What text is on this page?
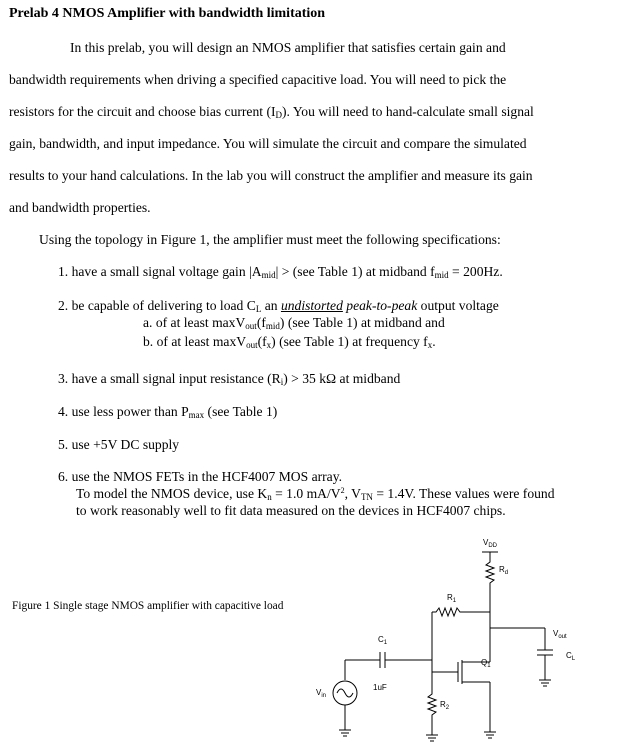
Prelab 4 NMOS Amplifier with bandwidth limitation
In this prelab, you will design an NMOS amplifier that satisfies certain gain and
bandwidth requirements when driving a specified capacitive load. You will need to pick the
resistors for the circuit and choose bias current $(I_D)$. You will need to hand-calculate small signal
gain, bandwidth, and input impedance. You will simulate the circuit and compare the simulated
results to your hand calculations. In the lab you will construct the amplifier and measure its gain
and bandwidth properties.
Using the topology in Figure 1, the amplifier must meet the following specifications:
1. have a small signal voltage gain $|A_{mid}| > (see$ Table 1) at midband $f_{mid} = 200Hz$.
2. be capable of delivering to load $C_L$ an undistorted peak-to-peak output voltage
a. of at least $\max V_{out}(f_{mid})$ (see Table 1) at midband and
b. of at least $\max V_{out}(f_x)$ (see Table 1) at frequency $f_x$.
3. have a small signal input resistance $(R_i) > 35$ kΩ at midband
4. use less power than $P_{max}$ (see Table 1)
5. use +5V DC supply
6. use the NMOS FETs in the HCF4007 MOS array.
To model the NMOS device, use $K_n = 1.0$ $mA/V^2$, $V_{TN} = 1.4V$. These values were found
to work reasonably well to fit data measured on the devices in HCF4007 chips.
Figure 1 Single stage NMOS amplifier with capacitive load
$V_{DD}$
$R_d$
$R_1$
$C_1$
1uF
$Q_1$
$V_{out}$
$C_L$
$R_2$
$V_{in}$
